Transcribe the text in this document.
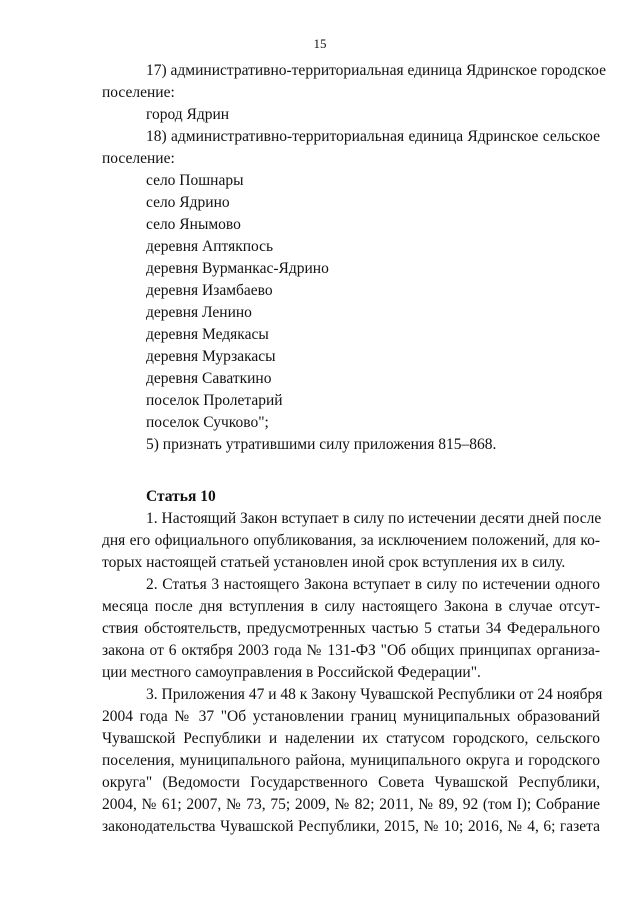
15
17) административно-территориальная единица Ядринское городское
поселение:
город Ядрин
18) административно-территориальная единица Ядринское сельское
поселение:
село Пошнары
село Ядрино
село Янымово
деревня Аптякпось
деревня Вурманкас-Ядрино
деревня Изамбаево
деревня Ленино
деревня Медякасы
деревня Мурзакасы
деревня Саваткино
поселок Пролетарий
поселок Сучково";
5) признать утратившими силу приложения 815–868.
Статья 10
1. Настоящий Закон вступает в силу по истечении десяти дней после
дня его официального опубликования, за исключением положений, для ко-
торых настоящей статьей установлен иной срок вступления их в силу.
2. Статья 3 настоящего Закона вступает в силу по истечении одного
месяца после дня вступления в силу настоящего Закона в случае отсут-
ствия обстоятельств, предусмотренных частью 5 статьи 34 Федерального
закона от 6 октября 2003 года № 131-ФЗ "Об общих принципах организа-
ции местного самоуправления в Российской Федерации".
3. Приложения 47 и 48 к Закону Чувашской Республики от 24 ноября
2004 года № 37 "Об установлении границ муниципальных образований
Чувашской Республики и наделении их статусом городского, сельского
поселения, муниципального района, муниципального округа и городского
округа" (Ведомости Государственного Совета Чувашской Республики,
2004, № 61; 2007, № 73, 75; 2009, № 82; 2011, № 89, 92 (том I); Собрание
законодательства Чувашской Республики, 2015, № 10; 2016, № 4, 6; газета
